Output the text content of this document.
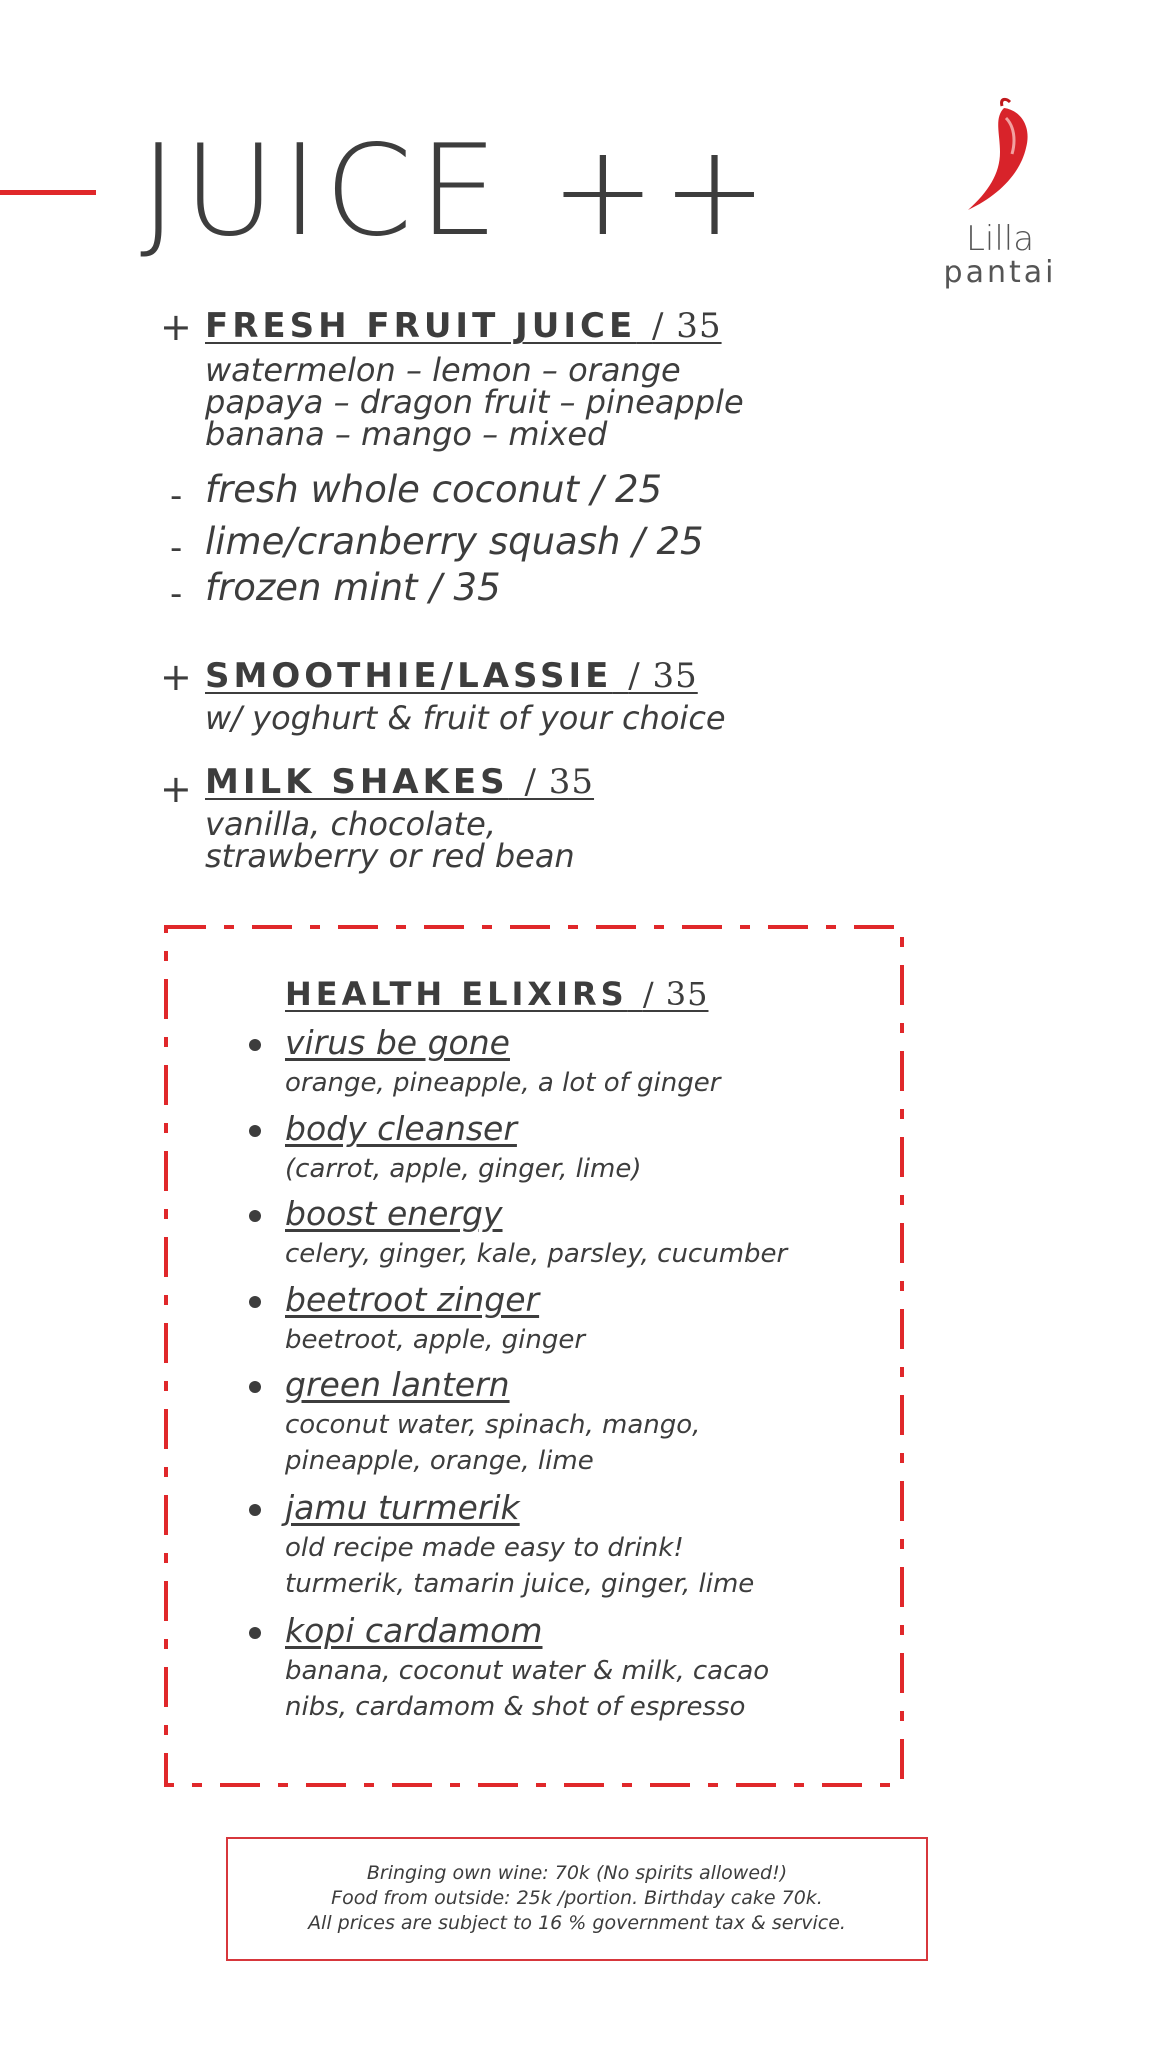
JUICE ++	Lilla
pantai
+ FRESH FRUIT JUICE / 35
watermelon – lemon – orange
papaya – dragon fruit – pineapple
banana – mango – mixed
- fresh whole coconut / 25
- lime/cranberry squash / 25
- frozen mint / 35
+ SMOOTHIE/LASSIE / 35
w/ yoghurt & fruit of your choice
+ MILK SHAKES / 35
vanilla, chocolate,
strawberry or red bean
HEALTH ELIXIRS / 35
virus be gone
orange, pineapple, a lot of ginger
body cleanser
(carrot, apple, ginger, lime)
boost energy
celery, ginger, kale, parsley, cucumber
beetroot zinger
beetroot, apple, ginger
green lantern
coconut water, spinach, mango,
pineapple, orange, lime
jamu turmerik
old recipe made easy to drink!
turmerik, tamarin juice, ginger, lime
kopi cardamom
banana, coconut water & milk, cacao
nibs, cardamom & shot of espresso
Bringing own wine: 70k (No spirits allowed!)
Food from outside: 25k /portion. Birthday cake 70k.
All prices are subject to 16 % government tax & service.
